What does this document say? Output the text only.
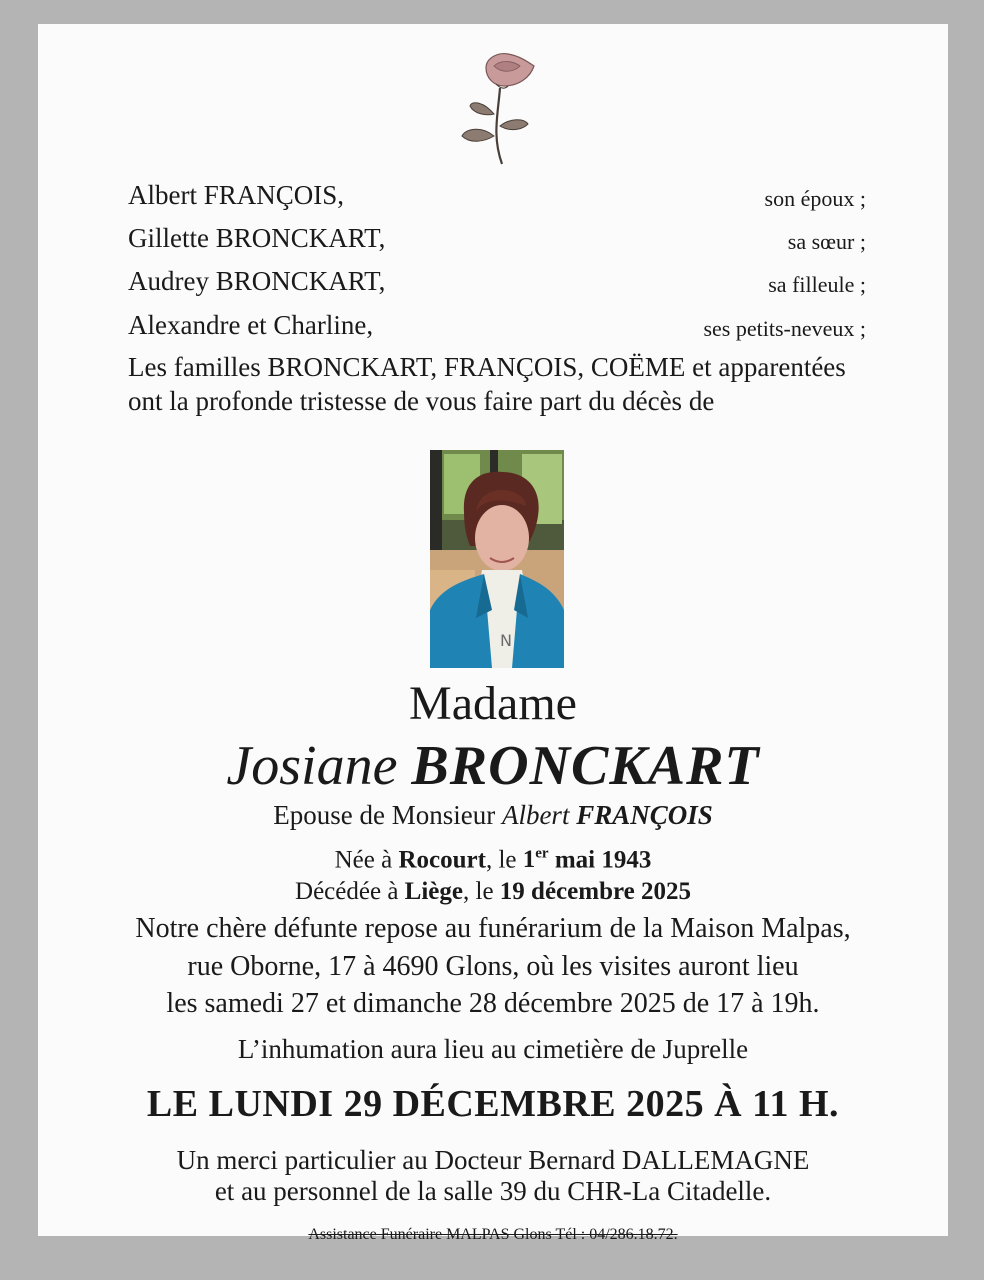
Albert FRANÇOIS,	son époux ;
Gillette BRONCKART,	sa sœur ;
Audrey BRONCKART,	sa filleule ;
Alexandre et Charline,	ses petits-neveux ;
Les familles BRONCKART, FRANÇOIS, COËME et apparentées
ont la profonde tristesse de vous faire part du décès de
N
Madame
Josiane BRONCKART
Epouse de Monsieur Albert FRANÇOIS
Née à Rocourt, le 1er mai 1943
Décédée à Liège, le 19 décembre 2025
Notre chère défunte repose au funérarium de la Maison Malpas,
rue Oborne, 17 à 4690 Glons, où les visites auront lieu
les samedi 27 et dimanche 28 décembre 2025 de 17 à 19h.
L’inhumation aura lieu au cimetière de Juprelle
LE LUNDI 29 DÉCEMBRE 2025 À 11 H.
Un merci particulier au Docteur Bernard DALLEMAGNE
et au personnel de la salle 39 du CHR-La Citadelle.
Assistance Funéraire MALPAS Glons Tél : 04/286.18.72.
